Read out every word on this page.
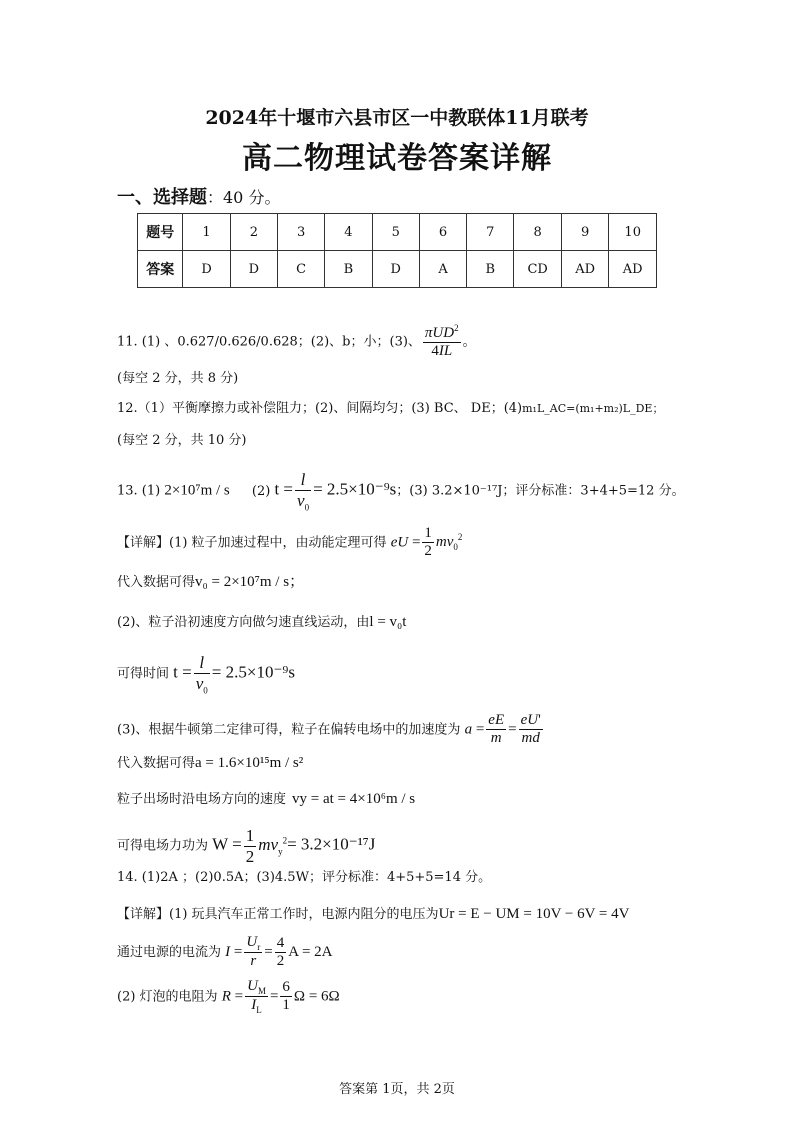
2024年十堰市六县市区一中教联体11月联考
高二物理试卷答案详解
一、选择题：40 分。
题号	1	2	3	4	5	6	7	8	9	10
答案	D	D	C	B	D	A	B	CD	AD	AD
11. (1) 、0.627/0.626/0.628；(2)、b；小；(3)、 $\frac{\pi UD^2}{4IL}$ 。
(每空 2 分，共 8 分)
12.（1）平衡摩擦力或补偿阻力；(2)、间隔均匀；(3) BC、 DE；(4)m₁L_AC=(m₁+m₂)L_DE；
(每空 2 分，共 10 分)
13. (1) 2×10⁷m / s (2) $t = \frac{l}{v_0} = 2.5\times 10^{-9}s$；(3) 3.2×10⁻¹⁷J；评分标准：3+4+5=12 分。
【详解】(1) 粒子加速过程中，由动能定理可得 eU = $\frac{1}{2} mv_0^2$
代入数据可得v₀ = 2×10⁷m / s；
(2)、粒子沿初速度方向做匀速直线运动，由l = v₀t
可得时间 $t = \frac{l}{v_0} = 2.5\times 10^{-9}s$
(3)、根据牛顿第二定律可得，粒子在偏转电场中的加速度为 $a = \frac{eE}{m} = \frac{eU'}{md}$
代入数据可得a = 1.6×10¹⁵m / s²
粒子出场时沿电场方向的速度 vy = at = 4×10⁶m / s
可得电场力功为 $W = \frac{1}{2} mv_y^2= 3.2\times 10^{-17}J$
14. (1)2A ；(2)0.5A；(3)4.5W；评分标准：4+5+5=14 分。
【详解】(1) 玩具汽车正常工作时，电源内阻分的电压为Ur = E − UM = 10V − 6V = 4V
通过电源的电流为 $I = \frac{U_r}{r} = \frac{4}{2}$ A = 2A
(2) 灯泡的电阻为 $R = \frac{U_M}{I_L} = \frac{6}{1}$ Ω = 6Ω
答案第 1页，共 2页
